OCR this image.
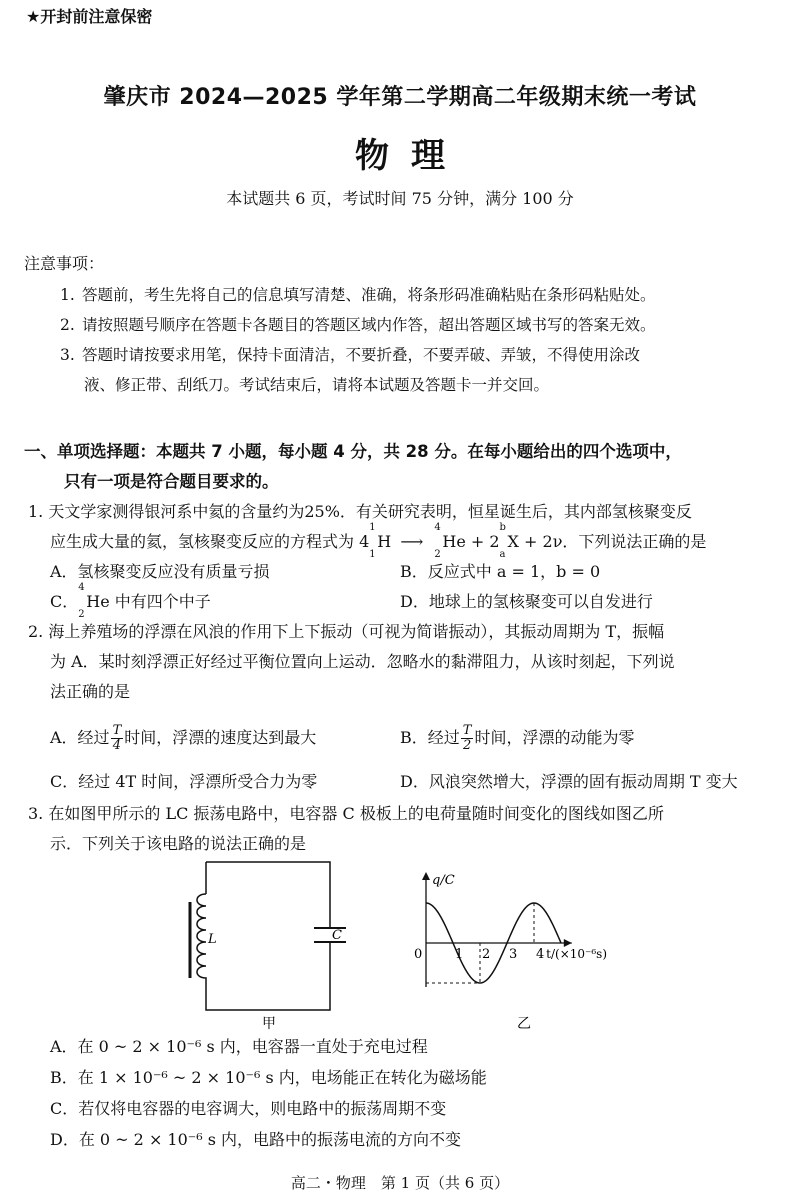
★开封前注意保密
肇庆市 2024—2025 学年第二学期高二年级期末统一考试
物理
本试题共 6 页，考试时间 75 分钟，满分 100 分
注意事项：
1. 答题前，考生先将自己的信息填写清楚、准确，将条形码准确粘贴在条形码粘贴处。
2. 请按照题号顺序在答题卡各题目的答题区域内作答，超出答题区域书写的答案无效。
3. 答题时请按要求用笔，保持卡面清洁，不要折叠，不要弄破、弄皱，不得使用涂改
液、修正带、刮纸刀。考试结束后，请将本试题及答题卡一并交回。
一、单项选择题：本题共 7 小题，每小题 4 分，共 28 分。在每小题给出的四个选项中，
只有一项是符合题目要求的。
1. 天文学家测得银河系中氦的含量约为25%．有关研究表明，恒星诞生后，其内部氢核聚变反
应生成大量的氦，氢核聚变反应的方程式为 4
1
1
H ⟶
4
2
He + 2
b
a
X + 2ν．下列说法正确的是
A．氢核聚变反应没有质量亏损	B．反应式中 a = 1，b = 0
C．
4
2
He 中有四个中子	D．地球上的氢核聚变可以自发进行
2. 海上养殖场的浮漂在风浪的作用下上下振动（可视为简谐振动），其振动周期为 T，振幅
为 A．某时刻浮漂正好经过平衡位置向上运动．忽略水的黏滞阻力，从该时刻起，下列说
法正确的是
A．经过 $\frac{T}{4}$ 时间，浮漂的速度达到最大	B．经过 $\frac{T}{2}$ 时间，浮漂的动能为零
C．经过 4T 时间，浮漂所受合力为零	D．风浪突然增大，浮漂的固有振动周期 T 变大
3. 在如图甲所示的 LC 振荡电路中，电容器 C 极板上的电荷量随时间变化的图线如图乙所
示．下列关于该电路的说法正确的是
L	C
甲
1 2 3 4
q/C
t/(×10⁻⁶s)
0
乙
A．在 0 ~ 2 × 10⁻⁶ s 内，电容器一直处于充电过程
B．在 1 × 10⁻⁶ ~ 2 × 10⁻⁶ s 内，电场能正在转化为磁场能
C．若仅将电容器的电容调大，则电路中的振荡周期不变
D．在 0 ~ 2 × 10⁻⁶ s 内，电路中的振荡电流的方向不变
高二・物理　第 1 页（共 6 页）
